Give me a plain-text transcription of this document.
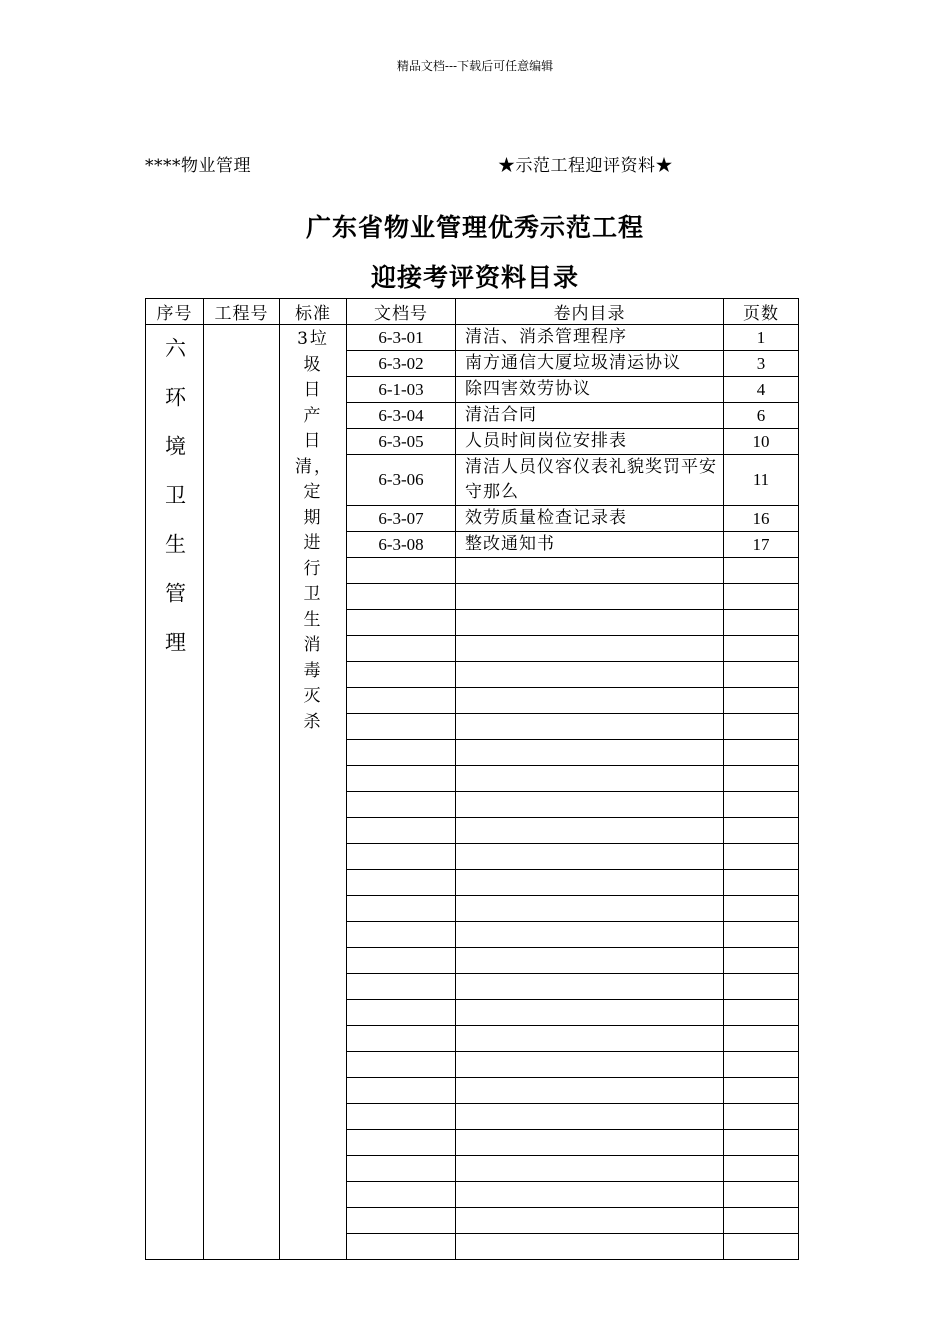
精品文档---下载后可任意编辑
****物业管理	★示范工程迎评资料★
广东省物业管理优秀示范工程
迎接考评资料目录
序号	工程号	标准	文档号	卷内目录	页数

六环境卫生管理		3垃圾日产日清，定期进行卫生消毒灭杀	6-3-01	清洁、消杀管理程序	1
			6-3-02	南方通信大厦垃圾清运协议	3
			6-1-03	除四害效劳协议	4
			6-3-04	清洁合同	6
			6-3-05	人员时间岗位安排表	10
			6-3-06	清洁人员仪容仪表礼貌奖罚平安守那么	11
			6-3-07	效劳质量检查记录表	16
			6-3-08	整改通知书	17
